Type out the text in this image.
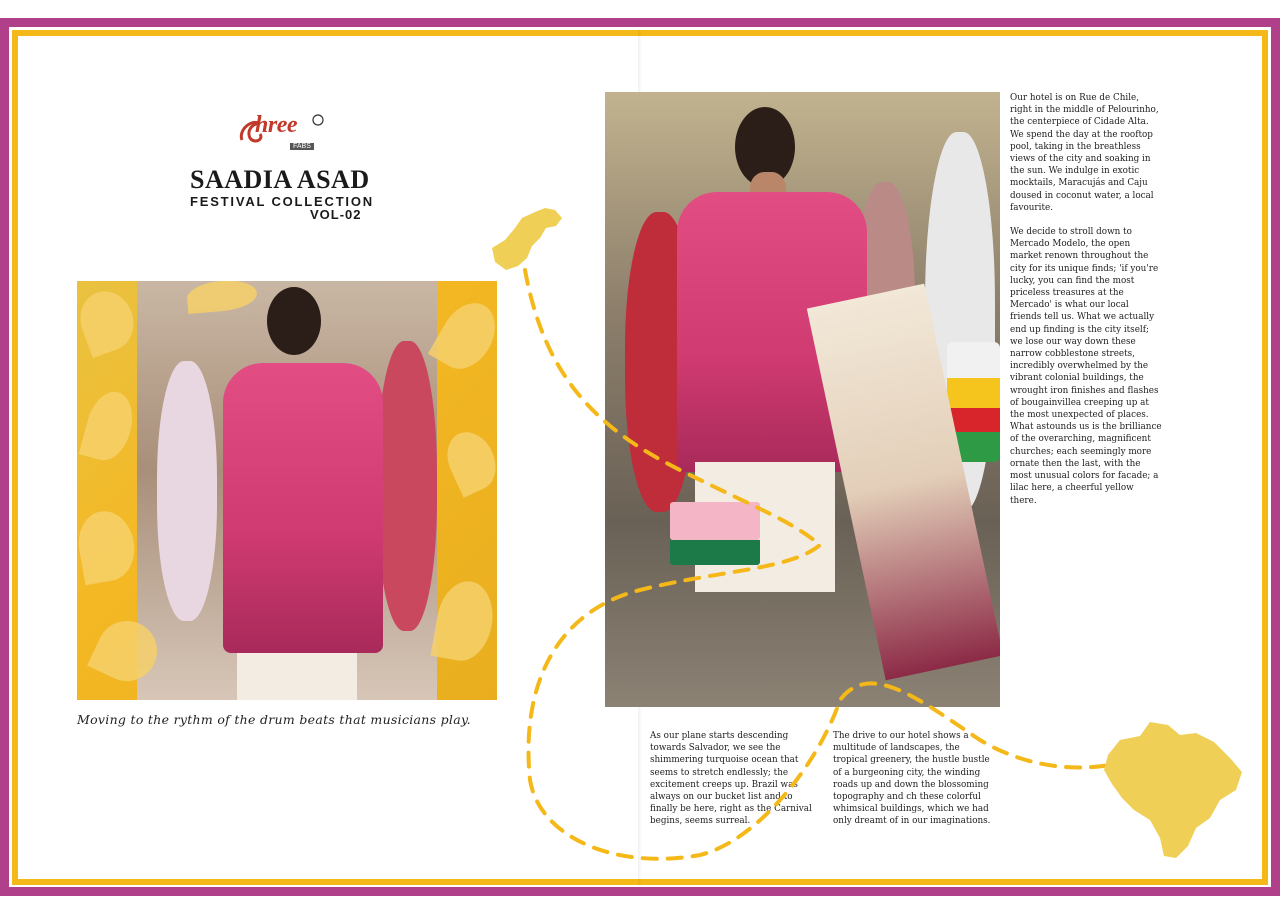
hree
FABS
SAADIA ASAD
FESTIVAL COLLECTION
VOL-02
Moving to the rythm of the drum beats that musicians play.

Our hotel is on Rue de Chile, right in the middle of Pelourinho, the centerpiece of Cidade Alta. We spend the day at the rooftop pool, taking in the breathless views of the city and soaking in the sun. We indulge in exotic mocktails, Maracujás and Caju doused in coconut water, a local favourite.

We decide to stroll down to Mercado Modelo, the open market renown throughout the city for its unique finds; 'if you're lucky, you can find the most priceless treasures at the Mercado' is what our local friends tell us. What we actually end up finding is the city itself; we lose our way down these narrow cobblestone streets, incredibly overwhelmed by the vibrant colonial buildings, the wrought iron finishes and flashes of bougainvillea creeping up at the most unexpected of places. What astounds us is the brilliance of the overarching, magnificent churches; each seemingly more ornate then the last, with the most unusual colors for facade; a lilac here, a cheerful yellow there.

As our plane starts descending towards Salvador, we see the shimmering turquoise ocean that seems to stretch endlessly; the excitement creeps up. Brazil was always on our bucket list and to finally be here, right as the Carnival begins, seems surreal.

The drive to our hotel shows a multitude of landscapes, the tropical greenery, the hustle bustle of a burgeoning city, the winding roads up and down the blossoming topography and ch these colorful whimsical buildings, which we had only dreamt of in our imaginations.
